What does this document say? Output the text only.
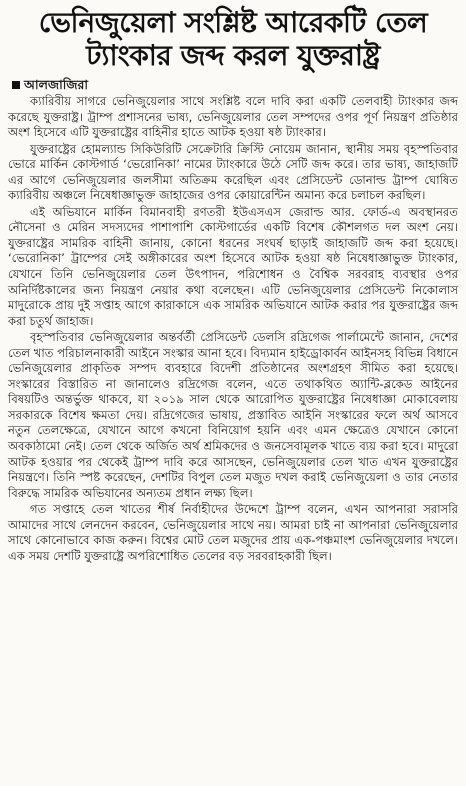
ভেনিজুয়েলা সংশ্লিষ্ট আরেকটি তেল ট্যাংকার জব্দ করল যুক্তরাষ্ট্র
আলজাজিরা

ক্যারিবীয় সাগরে ভেনিজুয়েলার সাথে সংশ্লিষ্ট বলে দাবি করা একটি তেলবাহী ট্যাংকার জব্দ করেছে যুক্তরাষ্ট্র। ট্রাম্প প্রশাসনের ভাষ্য, ভেনিজুয়েলার তেল সম্পদের ওপর পূর্ণ নিয়ন্ত্রণ প্রতিষ্ঠার অংশ হিসেবে এটি যুক্তরাষ্ট্রের বাহিনীর হাতে আটক হওয়া ষষ্ঠ ট্যাংকার।

যুক্তরাষ্ট্রের হোমল্যান্ড সিকিউরিটি সেক্রেটারি ক্রিস্টি নোয়েম জানান, স্থানীয় সময় বৃহস্পতিবার ভোরে মার্কিন কোস্টগার্ড ‘ভেরোনিকা’ নামের ট্যাংকারে উঠে সেটি জব্দ করে। তার ভাষ্য, জাহাজটি এর আগে ভেনিজুয়েলার জলসীমা অতিক্রম করেছিল এবং প্রেসিডেন্ট ডোনাল্ড ট্রাম্প ঘোষিত ক্যারিবীয় অঞ্চলে নিষেধাজ্ঞাভুক্ত জাহাজের ওপর কোয়ারেন্টিন অমান্য করে চলাচল করছিল।

এই অভিযানে মার্কিন বিমানবাহী রণতরী ইউএসএস জেরাল্ড আর. ফোর্ড-এ অবস্থানরত নৌসেনা ও মেরিন সদস্যদের পাশাপাশি কোস্টগার্ডের একটি বিশেষ কৌশলগত দল অংশ নেয়। যুক্তরাষ্ট্রের সামরিক বাহিনী জানায়, কোনো ধরনের সংঘর্ষ ছাড়াই জাহাজটি জব্দ করা হয়েছে। ‘ভেরোনিকা’ ট্রাম্পের সেই অঙ্গীকারের অংশ হিসেবে আটক হওয়া ষষ্ঠ নিষেধাজ্ঞাভুক্ত ট্যাংকার, যেখানে তিনি ভেনিজুয়েলার তেল উৎপাদন, পরিশোধন ও বৈশ্বিক সরবরাহ ব্যবস্থার ওপর অনির্দিষ্টকালের জন্য নিয়ন্ত্রণ নেয়ার কথা বলেছেন। এটি ভেনিজুয়েলার প্রেসিডেন্ট নিকোলাস মাদুরোকে প্রায় দুই সপ্তাহ আগে কারাকাসে এক সামরিক অভিযানে আটক করার পর যুক্তরাষ্ট্রের জব্দ করা চতুর্থ জাহাজ।

বৃহস্পতিবার ভেনিজুয়েলার অন্তর্বর্তী প্রেসিডেন্ট ডেলসি রদ্রিগেজ পার্লামেন্টে জানান, দেশের তেল খাত পরিচালনাকারী আইনে সংস্কার আনা হবে। বিদ্যমান হাইড্রোকার্বন আইনসহ বিভিন্ন বিধানে ভেনিজুয়েলার প্রাকৃতিক সম্পদ ব্যবহারে বিদেশী প্রতিষ্ঠানের অংশগ্রহণ সীমিত করা হয়েছে। সংস্কারের বিস্তারিত না জানালেও রদ্রিগেজ বলেন, এতে তথাকথিত অ্যান্টি-ব্লকেড আইনের বিষয়টিও অন্তর্ভুক্ত থাকবে, যা ২০১৯ সাল থেকে আরোপিত যুক্তরাষ্ট্রের নিষেধাজ্ঞা মোকাবেলায় সরকারকে বিশেষ ক্ষমতা দেয়। রদ্রিগেজের ভাষায়, প্রস্তাবিত আইনি সংস্কারের ফলে অর্থ আসবে নতুন তেলক্ষেত্রে, যেখানে আগে কখনো বিনিয়োগ হয়নি এবং এমন ক্ষেত্রেও যেখানে কোনো অবকাঠামো নেই। তেল থেকে অর্জিত অর্থ শ্রমিকদের ও জনসেবামূলক খাতে ব্যয় করা হবে। মাদুরো আটক হওয়ার পর থেকেই ট্রাম্প দাবি করে আসছেন, ভেনিজুয়েলার তেল খাত এখন যুক্তরাষ্ট্রের নিয়ন্ত্রণে। তিনি স্পষ্ট করেছেন, দেশটির বিপুল তেল মজুত দখল করাই ভেনিজুয়েলা ও তার নেতার বিরুদ্ধে সামরিক অভিযানের অন্যতম প্রধান লক্ষ্য ছিল।

গত সপ্তাহে তেল খাতের শীর্ষ নির্বাহীদের উদ্দেশে ট্রাম্প বলেন, এখন আপনারা সরাসরি আমাদের সাথে লেনদেন করবেন, ভেনিজুয়েলার সাথে নয়। আমরা চাই না আপনারা ভেনিজুয়েলার সাথে কোনোভাবে কাজ করুন। বিশ্বের মোট তেল মজুদের প্রায় এক-পঞ্চমাংশ ভেনিজুয়েলার দখলে। এক সময় দেশটি যুক্তরাষ্ট্রে অপরিশোধিত তেলের বড় সরবরাহকারী ছিল।
